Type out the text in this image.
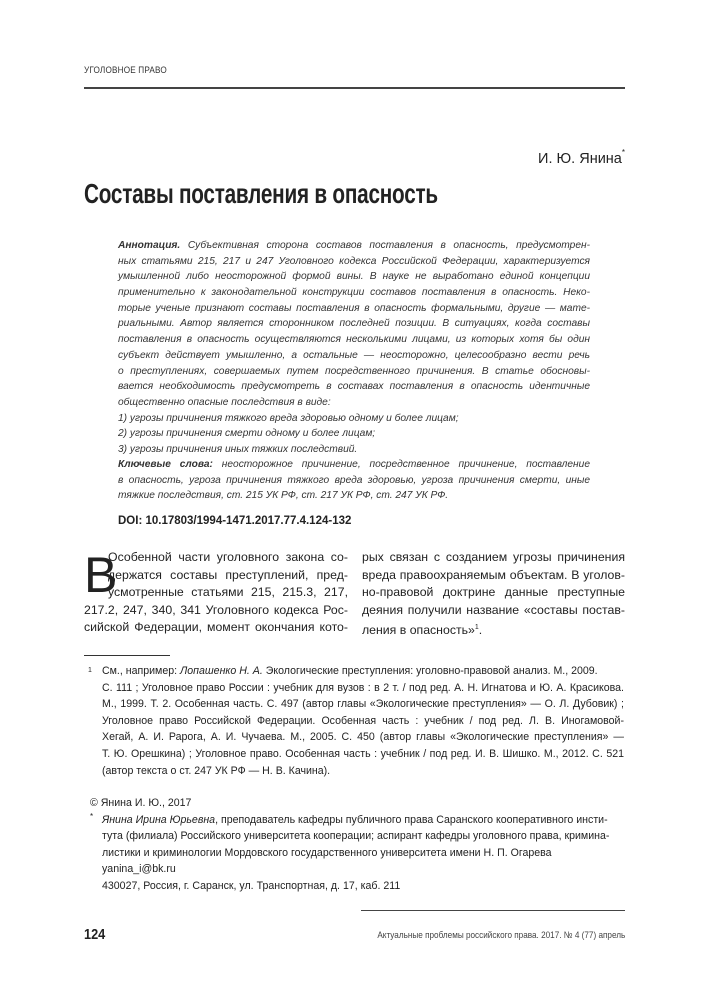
УГОЛОВНОЕ ПРАВО
И. Ю. Янина*
Составы поставления в опасность
Аннотация. Субъективная сторона составов поставления в опасность, предусмотрен-
ных статьями 215, 217 и 247 Уголовного кодекса Российской Федерации, характеризуется
умышленной либо неосторожной формой вины. В науке не выработано единой концепции
применительно к законодательной конструкции составов поставления в опасность. Неко-
торые ученые признают составы поставления в опасность формальными, другие — мате-
риальными. Автор является сторонником последней позиции. В ситуациях, когда составы
поставления в опасность осуществляются несколькими лицами, из которых хотя бы один
субъект действует умышленно, а остальные — неосторожно, целесообразно вести речь
о преступлениях, совершаемых путем посредственного причинения. В статье обосновы-
вается необходимость предусмотреть в составах поставления в опасность идентичные
общественно опасные последствия в виде:
1) угрозы причинения тяжкого вреда здоровью одному и более лицам;
2) угрозы причинения смерти одному и более лицам;
3) угрозы причинения иных тяжких последствий.
Ключевые слова: неосторожное причинение, посредственное причинение, поставление
в опасность, угроза причинения тяжкого вреда здоровью, угроза причинения смерти, иные
тяжкие последствия, ст. 215 УК РФ, ст. 217 УК РФ, ст. 247 УК РФ.
DOI: 10.17803/1994-1471.2017.77.4.124-132
В
Особенной части уголовного закона со-
держатся составы преступлений, пред-
усмотренные статьями 215, 215.3, 217,
217.2, 247, 340, 341 Уголовного кодекса Рос-
сийской Федерации, момент окончания кото-
рых связан с созданием угрозы причинения
вреда правоохраняемым объектам. В уголов-
но-правовой доктрине данные преступные
деяния получили название «составы постав-
ления в опасность»$^1$.
1 См., например: Лопашенко Н. А. Экологические преступления: уголовно-правовой анализ. М., 2009.
С. 111 ; Уголовное право России : учебник для вузов : в 2 т. / под ред. А. Н. Игнатова и Ю. А. Красикова.
М., 1999. Т. 2. Особенная часть. С. 497 (автор главы «Экологические преступления» — О. Л. Дубовик) ;
Уголовное право Российской Федерации. Особенная часть : учебник / под ред. Л. В. Иногамовой-
Хегай, А. И. Рарога, А. И. Чучаева. М., 2005. С. 450 (автор главы «Экологические преступления» —
Т. Ю. Орешкина) ; Уголовное право. Особенная часть : учебник / под ред. И. В. Шишко. М., 2012. С. 521
(автор текста о ст. 247 УК РФ — Н. В. Качина).
© Янина И. Ю., 2017
* Янина Ирина Юрьевна, преподаватель кафедры публичного права Саранского кооперативного инсти-
тута (филиала) Российского университета кооперации; аспирант кафедры уголовного права, кримина-
листики и криминологии Мордовского государственного университета имени Н. П. Огарева
yanina_i@bk.ru
430027, Россия, г. Саранск, ул. Транспортная, д. 17, каб. 211
124	Актуальные проблемы российского права. 2017. № 4 (77) апрель
